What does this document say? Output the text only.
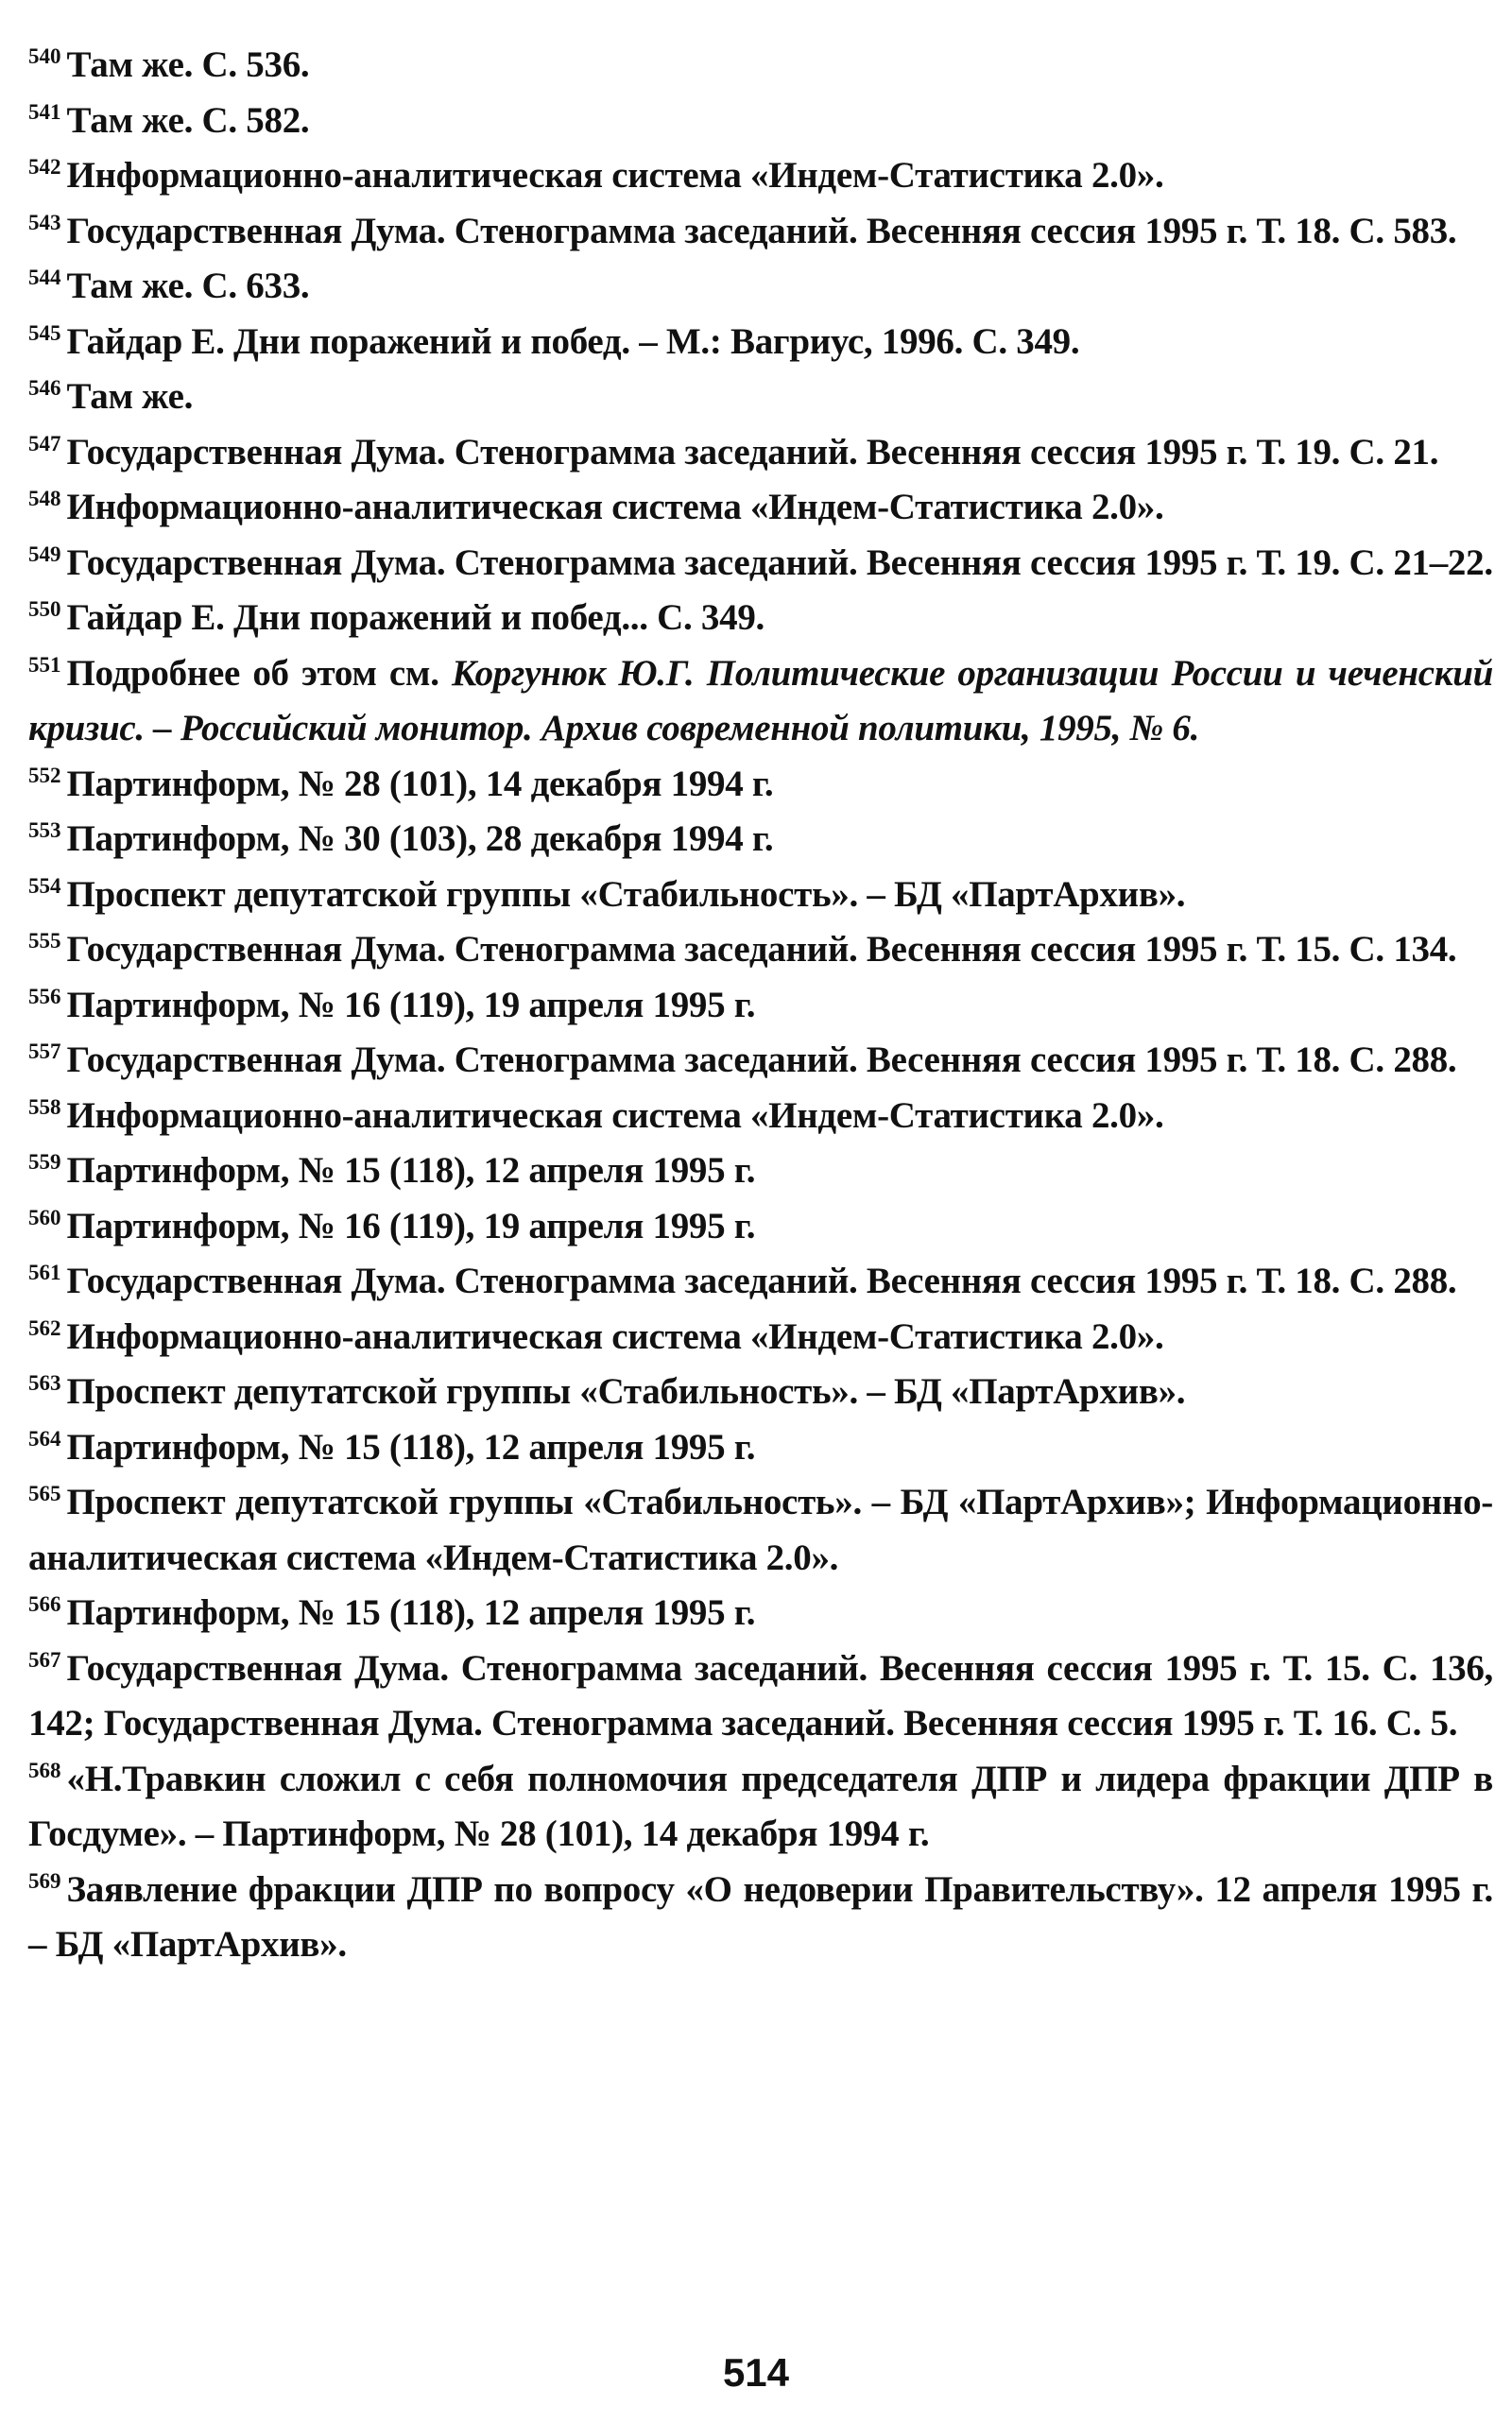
$^{540}$ Там же. С. 536.

$^{541}$ Там же. С. 582.

$^{542}$ Информационно-аналитическая система «Индем-Статистика 2.0».

$^{543}$ Государственная Дума. Стенограмма заседаний. Весенняя сессия 1995 г. Т. 18. С. 583.

$^{544}$ Там же. С. 633.

$^{545}$ Гайдар Е. Дни поражений и побед. – М.: Вагриус, 1996. С. 349.

$^{546}$ Там же.

$^{547}$ Государственная Дума. Стенограмма заседаний. Весенняя сессия 1995 г. Т. 19. С. 21.

$^{548}$ Информационно-аналитическая система «Индем-Статистика 2.0».

$^{549}$ Государственная Дума. Стенограмма заседаний. Весенняя сессия 1995 г. Т. 19. С. 21–22.

$^{550}$ Гайдар Е. Дни поражений и побед... С. 349.

$^{551}$ Подробнее об этом см. Коргунюк Ю.Г. Политические организации России и чеченский кризис. – Российский монитор. Архив современной политики, 1995, № 6.

$^{552}$ Партинформ, № 28 (101), 14 декабря 1994 г.

$^{553}$ Партинформ, № 30 (103), 28 декабря 1994 г.

$^{554}$ Проспект депутатской группы «Стабильность». – БД «ПартАрхив».

$^{555}$ Государственная Дума. Стенограмма заседаний. Весенняя сессия 1995 г. Т. 15. С. 134.

$^{556}$ Партинформ, № 16 (119), 19 апреля 1995 г.

$^{557}$ Государственная Дума. Стенограмма заседаний. Весенняя сессия 1995 г. Т. 18. С. 288.

$^{558}$ Информационно-аналитическая система «Индем-Статистика 2.0».

$^{559}$ Партинформ, № 15 (118), 12 апреля 1995 г.

$^{560}$ Партинформ, № 16 (119), 19 апреля 1995 г.

$^{561}$ Государственная Дума. Стенограмма заседаний. Весенняя сессия 1995 г. Т. 18. С. 288.

$^{562}$ Информационно-аналитическая система «Индем-Статистика 2.0».

$^{563}$ Проспект депутатской группы «Стабильность». – БД «ПартАрхив».

$^{564}$ Партинформ, № 15 (118), 12 апреля 1995 г.

$^{565}$ Проспект депутатской группы «Стабильность». – БД «ПартАрхив»; Информационно-аналитическая система «Индем-Статистика 2.0».

$^{566}$ Партинформ, № 15 (118), 12 апреля 1995 г.

$^{567}$ Государственная Дума. Стенограмма заседаний. Весенняя сессия 1995 г. Т. 15. С. 136, 142; Государственная Дума. Стенограмма заседаний. Весенняя сессия 1995 г. Т. 16. С. 5.

$^{568}$ «Н.Травкин сложил с себя полномочия председателя ДПР и лидера фракции ДПР в Госдуме». – Партинформ, № 28 (101), 14 декабря 1994 г.

$^{569}$ Заявление фракции ДПР по вопросу «О недоверии Правительству». 12 апреля 1995 г. – БД «ПартАрхив».

514
